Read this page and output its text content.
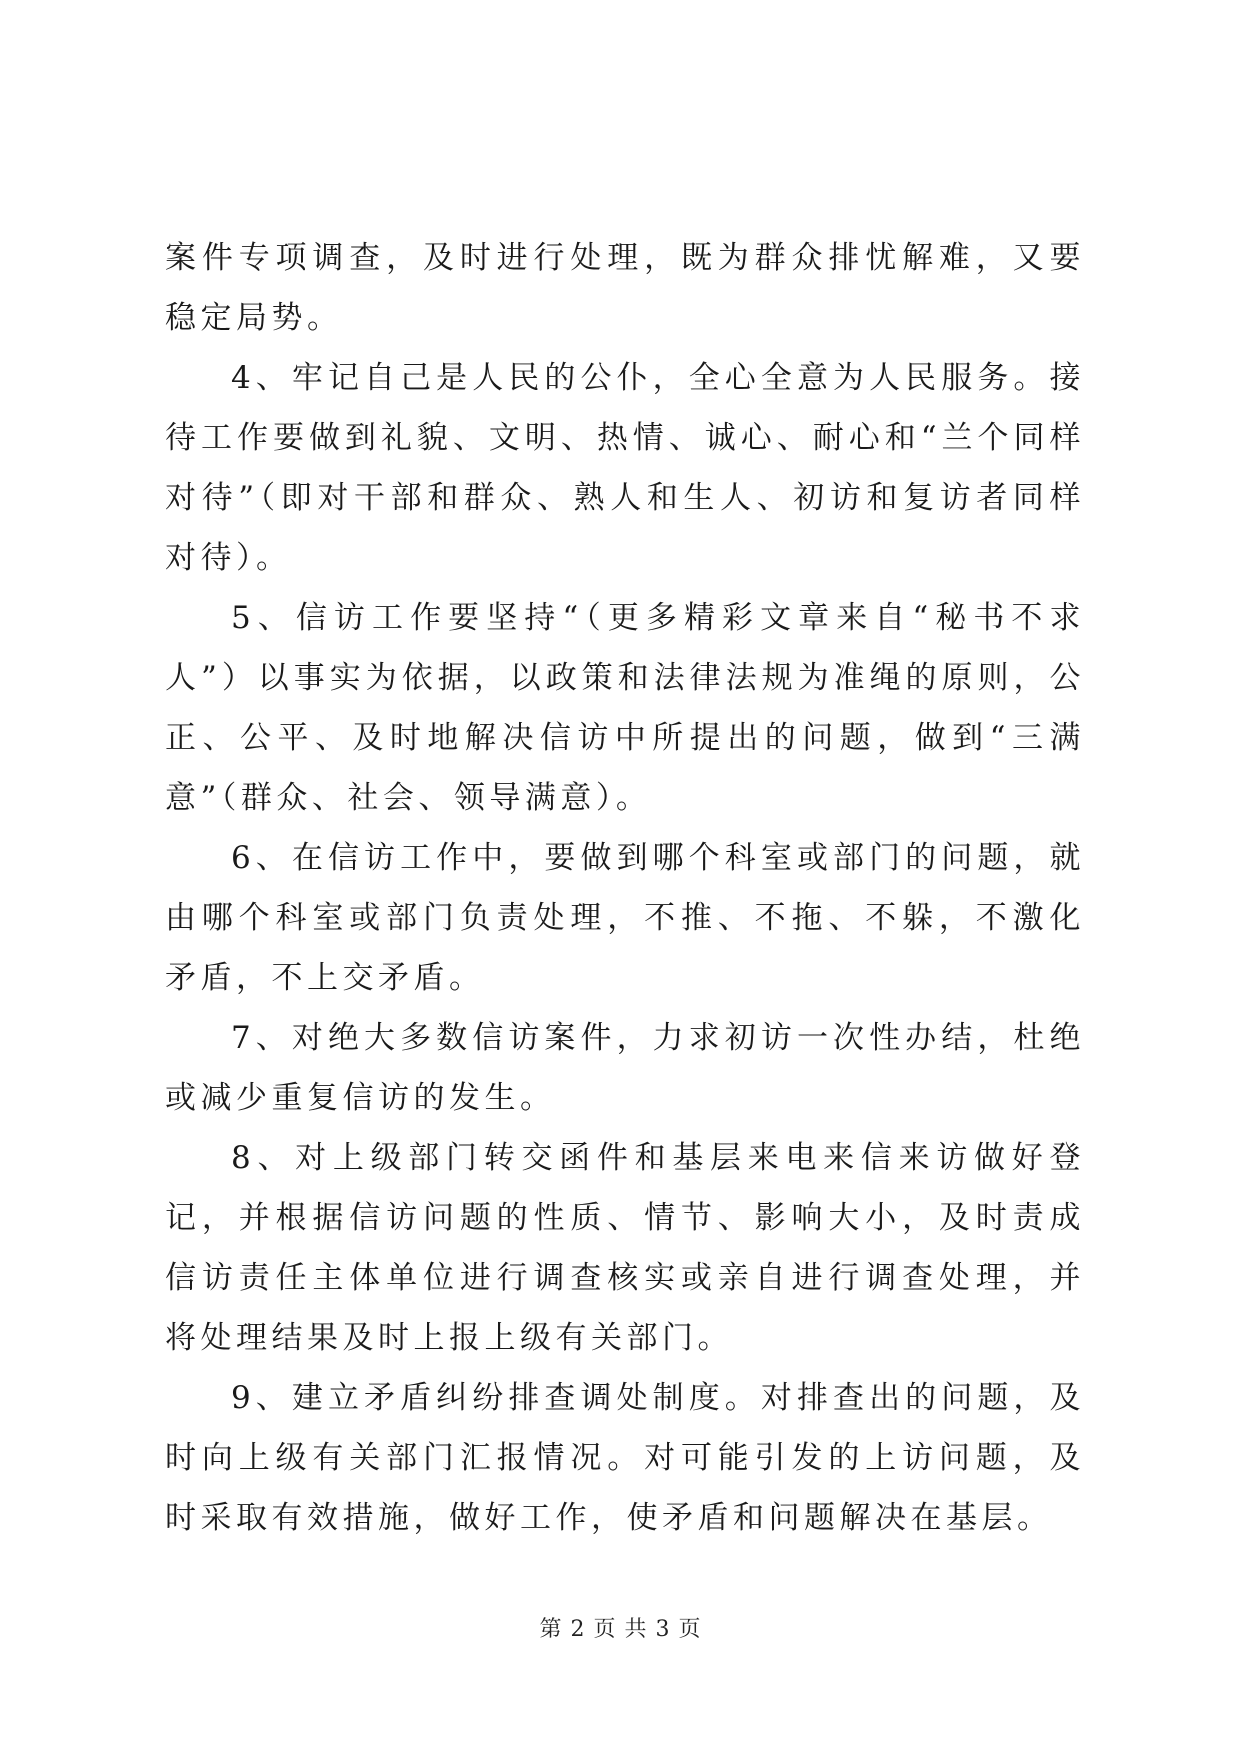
案件专项调查，及时进行处理，既为群众排忧解难，又要稳定局势。

4、牢记自己是人民的公仆，全心全意为人民服务。接待工作要做到礼貌、文明、热情、诚心、耐心和“兰个同样对待”（即对干部和群众、熟人和生人、初访和复访者同样对待）。

5、信访工作要坚持“（更多精彩文章来自“秘书不求人”）以事实为依据，以政策和法律法规为准绳的原则，公正、公平、及时地解决信访中所提出的问题，做到“三满意”（群众、社会、领导满意）。

6、在信访工作中，要做到哪个科室或部门的问题，就由哪个科室或部门负责处理，不推、不拖、不躲，不激化矛盾，不上交矛盾。

7、对绝大多数信访案件，力求初访一次性办结，杜绝或减少重复信访的发生。

8、对上级部门转交函件和基层来电来信来访做好登记，并根据信访问题的性质、情节、影响大小，及时责成信访责任主体单位进行调查核实或亲自进行调查处理，并将处理结果及时上报上级有关部门。

9、建立矛盾纠纷排查调处制度。对排查出的问题，及时向上级有关部门汇报情况。对可能引发的上访问题，及时采取有效措施，做好工作，使矛盾和问题解决在基层。

第 2 页 共 3 页
